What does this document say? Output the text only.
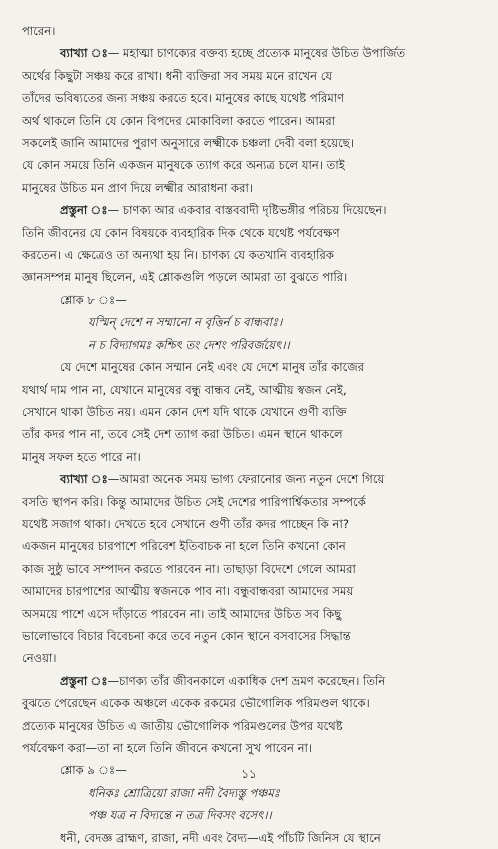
পারেন।
ব্যাখ্যা ঃ— মহাত্মা চাণক্যের বক্তব্য হচ্ছে প্রত্যেক মানুষের উচিত উপার্জিত
অর্থের কিছুটা সঞ্চয় করে রাখা। ধনী ব্যক্তিরা সব সময় মনে রাখেন যে
তাঁদের ভবিষ্যতের জন্য সঞ্চয় করতে হবে। মানুষের কাছে যথেষ্ট পরিমাণ
অর্থ থাকলে তিনি যে কোন বিপদের মোকাবিলা করতে পারেন। আমরা
সকলেই জানি আমাদের পুরাণ অনুসারে লক্ষ্মীকে চঞ্চলা দেবী বলা হয়েছে।
যে কোন সময়ে তিনি একজন মানুষকে ত্যাগ করে অন্যত্র চলে যান। তাই
মানুষের উচিত মন প্রাণ দিয়ে লক্ষ্মীর আরাধনা করা।
প্রস্তুনা ঃ— চাণক্য আর একবার বাস্তববাদী দৃষ্টিভঙ্গীর পরিচয় দিয়েছেন।
তিনি জীবনের যে কোন বিষয়কে ব্যবহারিক দিক থেকে যথেষ্ট পর্যবেক্ষণ
করতেন। এ ক্ষেত্রেও তা অন্যথা হয় নি। চাণক্য যে কতখানি ব্যবহারিক
জ্ঞানসম্পন্ন মানুষ ছিলেন, এই শ্লোকগুলি পড়লে আমরা তা বুঝতে পারি।
শ্লোক ৮ ঃ—
যস্মিন্‌ দেশে ন সম্মানো ন বৃত্তির্ন চ বান্ধবাঃ।
ন চ বিদ্যাগমঃ কশ্চিৎ তং দেশং পরিবর্জয়েৎ।।
যে দেশে মানুষের কোন সম্মান নেই এবং যে দেশে মানুষ তাঁর কাজের
যথার্থ দাম পান না, যেখানে মানুষের বন্ধু বান্ধব নেই, আত্মীয় স্বজন নেই,
সেখানে থাকা উচিত নয়। এমন কোন দেশ যদি থাকে যেখানে গুণী ব্যক্তি
তাঁর কদর পান না, তবে সেই দেশ ত্যাগ করা উচিত। এমন স্থানে থাকলে
মানুষ সফল হতে পারে না।
ব্যাখ্যা ঃ—আমরা অনেক সময় ভাগ্য ফেরানোর জন্য নতুন দেশে গিয়ে
বসতি স্থাপন করি। কিন্তু আমাদের উচিত সেই দেশের পারিপার্শ্বিকতার সম্পর্কে
যথেষ্ট সজাগ থাকা। দেখতে হবে সেখানে গুণী তাঁর কদর পাচ্ছেন কি না?
একজন মানুষের চারপাশে পরিবেশ ইতিবাচক না হলে তিনি কখনো কোন
কাজ সুষ্ঠু ভাবে সম্পাদন করতে পারবেন না। তাছাড়া বিদেশে গেলে আমরা
আমাদের চারপাশের আত্মীয় স্বজনকে পাব না। বন্ধুবান্ধবরা আমাদের সময়
অসময়ে পাশে এসে দাঁড়াতে পারবেন না। তাই আমাদের উচিত সব কিছু
ভালোভাবে বিচার বিবেচনা করে তবে নতুন কোন স্থানে বসবাসের সিদ্ধান্ত
নেওয়া।
প্রস্তুনা ঃ—চাণক্য তাঁর জীবনকালে একাধিক দেশ ভ্রমণ করেছেন। তিনি
বুঝতে পেরেছেন একেক অঞ্চলে একেক রকমের ভৌগোলিক পরিমণ্ডল থাকে।
প্রত্যেক মানুষের উচিত এ জাতীয় ভৌগোলিক পরিমণ্ডলের উপর যথেষ্ট
পর্যবেক্ষণ করা—তা না হলে তিনি জীবনে কখনো সুখ পাবেন না।
শ্লোক ৯ ঃ—
ধনিকঃ শ্রোত্রিয়ো রাজা নদী বৈদ্যস্তু পঞ্চমঃ
পঞ্চ যত্র ন বিদ্যন্তে ন তত্র দিবসং বসেৎ।।
ধনী, বেদজ্ঞ ব্রাহ্মণ, রাজা, নদী এবং বৈদ্য—এই পাঁচটি জিনিস যে স্থানে
১১
